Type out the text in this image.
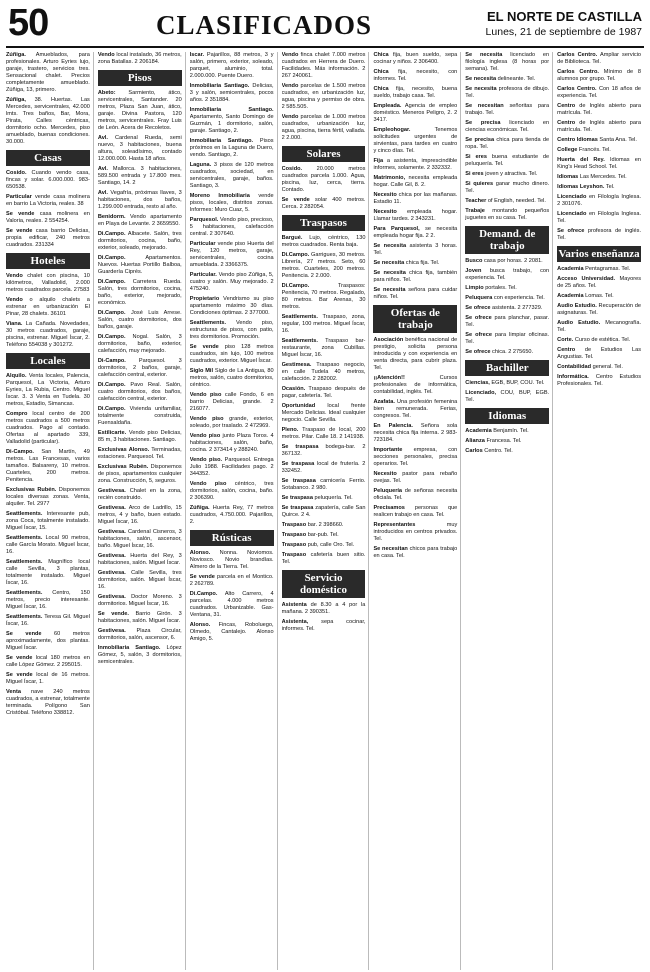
50	CLASIFICADOS	EL NORTE DE CASTILLA
Lunes, 21 de septiembre de 1987

Zúñiga. Amueblados, para profesionales. Arturo Eyries lujo, garaje, trastero, servicios tres. Sensacional chalet. Precios completamente amueblado. Zúñiga, 13, primero.

Zúñiga, 38. Huertas. Las Mercedes, servicentrales, 42.000 lmts. Tres baños, Bar, Mora, Pirata, Calles céntricas, dormitorio ocho. Mercedes, piso amueblado, buenas condiciones. 30.000.

Casas

Cosido. Cuando vendo casa, fincas y solar. 6.000.000. 983-650538.

Particular vende casa molinera en barrio La Victoria, reales. 38

Se vende casa molinera en Valoria, reales. 2 554254.

Se vende casa barrio Delicias, propia edificar, 240 metros cuadrados. 231334

Hoteles

Vendo chalet con piscina, 10 kilómetros, Valladolid, 2.000 metros cuadrados parcela. 27583

Vendo o alquilo chalets a estrenar en urbanización El Pinar, 28 chalets. 36101

Viana. La Cañada. Novedades, 30 metros cuadrados, garaje, piscina, estrenar. Miguel Íscar, 2. Teléfono 554038 y 301272.

Locales

Alquilo. Venta locales, Palencia, Parquesol, La Victoria, Arturo Eyries, La Rubia, Centro. Miguel Íscar. 3. 3 Venta en Tudela. 30 metros, Estadio, Simancas.

Compro local centro de 200 metros cuadrados a 500 metros cuadrados. Pago al contado. Ofertas al apartado 339, Valladolid (particular).

Di-Campo. San Martín, 49 metros. Las Francesas, varios tamaños. Balsareny, 10 metros. Cuarteles, 200 metros. Penitencia.

Exclusivas Rubén. Disponemos locales diversas zonas. Venta, alquiler. Tel. 2977

Seattlements. Interesante pub, zona Coca, totalmente instalado. Miguel Íscar, 15.

Seattlements. Local 90 metros, calle García Morato. Miguel Íscar, 16.

Seattlements. Magnífico local calle Sevilla, 3 plantas, totalmente instalado. Miguel Íscar, 16.

Seattlements. Centro, 150 metros, precio interesante. Miguel Íscar, 16.

Seattlements. Teresa Gil. Miguel Íscar, 16.

Se vende 60 metros aproximadamente, dos plantas. Miguel Íscar.

Se vende local 180 metros en calle López Gómez. 2 295015.

Se vende local de 16 metros. Miguel Íscar, 1.

Venta nave 240 metros cuadrados, a estrenar, totalmente terminada. Polígono San Cristóbal. Teléfono 338812.

Vendo local instalado, 36 metros, zona Batallas. 2 206184.

Pisos

Abeto: Sarmiento, ático, servicentrales, Santander. 20 metros, Plaza San Juan, ático, garaje. Divina Pastora, 120 metros, servicentrales. Fray Luis de León. Acera de Recoletos.

Avl. Cardenal Rueda, semi nuevo, 3 habitaciones, buena altura, soleadísimo, contado 12.000.000. Hasta 18 años.

Avl. Mallorca. 3 habitaciones, 589.500 entrada y 17.800 mes. Santiago, 14. 2

Avl. Vegafría, próximas llaves, 3 habitaciones, dos baños, 1.299.000 entrada, resto al año.

Benidorm. Vendo apartamento en Playa de Levante. 2 3659550.

Di.Campo. Albacete. Salón, tres dormitorios, cocina, baño, exterior, soleado, mejorado.

Di.Campo. Apartamentos. Nuevos. Huertas Portillo Balboa, Guardería Ciprés.

Di.Campo. Carretera Rueda. Salón, tres dormitorios, cocina, baño, exterior, mejorado, económico.

Di.Campo. José Luis Arrese. Salón, cuatro dormitorios, dos baños, garaje.

Di.Campo. Nogal. Salón, 3 dormitorios, baño, exterior, calefacción, muy mejorado.

Di-Campo. Parquesol. 3 dormitorios, 2 baños, garaje, calefacción central, exterior.

Di.Campo. Pavo Real. Salón, cuatro dormitorios, dos baños, calefacción central, exterior.

Di.Campo. Vivienda unifamiliar, totalmente construida, Fuensaldaña.

Estilicarte. Vendo piso Delicias, 85 m, 3 habitaciones. Santiago.

Exclusivas Alonso. Terminadas, estaciones. Parquesol. Tel.

Exclusivas Rubén. Disponemos de pisos, apartamentos cualquier zona. Construcción, 5, seguros.

Gestivesa. Chalet en la zona, recién construido.

Gestivesa. Arco de Ladrillo, 15 metros, 4 y baño, buen estado. Miguel Íscar, 16.

Gestivesa. Cardenal Cisneros, 3 habitaciones, salón, ascensor, baño. Miguel Íscar, 16.

Gestivesa. Huerta del Rey, 3 habitaciones, salón. Miguel Íscar.

Gestivesa. Calle Sevilla, tres dormitorios, salón. Miguel Íscar, 16.

Gestivesa. Doctor Moreno. 3 dormitorios. Miguel Íscar, 16.

Se vende. Barrio Girón. 3 habitaciones, salón. Miguel Íscar.

Gestivesa. Plaza Circular, dormitorios, salón, ascensor, 6.

Inmobiliaria Santiago. López Gómez, 5, salón, 3 dormitorios, semicentrales.

Iscar. Pajarillos, 88 metros, 3 y salón, primero, exterior, soleado, parquet, aluminio, total. 2.000.000. Puente Duero.

Inmobiliaria Santiago. Delicias, 3 y salón, semicentrales, pocos años. 2 351884.

Inmobiliaria Santiago. Apartamento, Santo Domingo de Guzmán, 1 dormitorio, salón, garaje. Santiago, 2.

Inmobiliaria Santiago. Pisos próximos en la Laguna de Duero, vendo. Santiago, 2.

Laguna. 3 pisos de 120 metros cuadrados, sociedad, en servicentrales, garaje, baños. Santiago, 3.

Moreno Inmobiliaria vende pisos, locales, distritos zonas. Informes: Muro Cuaz, 5.

Parquesol. Vendo piso, precioso, 5 habitaciones, calefacción central. 2 307640.

Particular vende piso Huerta del Rey, 120 metros, garaje, servicentrales, cocina amueblada. 2 3366375.

Particular. Vendo piso Zúñiga, 5, cuatro y salón. Muy mejorado. 2 475240.

Propietario Vendrismo su piso apartamento máximo 30 días. Condiciones óptimas. 2 377000.

Seattlements. Vendo piso, estructuras de pisos, con patio, tres dormitorios. Promoción.

Se vende piso 128 metros cuadrados, sin lujo, 100 metros cuadrados, exterior. Miguel Íscar.

Siglo Mil Siglo de La Antigua, 80 metros, salón, cuatro dormitorios, céntrico.

Vendo piso calle Fondo, 6 en barrio Delicias, grande. 2 216077.

Vendo piso grande, exterior, soleado, por traslado. 2 472969.

Vendo piso junto Plaza Toros. 4 habitaciones, salón, baño, cocina. 2 373414 y 288240.

Vendo piso. Parquesol. Entrega Julio 1988. Facilidades pago. 2 344352.

Vendo piso céntrico, tres dormitorios, salón, cocina, baño. 2 306390.

Zúñiga. Huerta Rey, 77 metros cuadrados, 4.750.000. Pajarillos, 2.

Rústicas

Alonso. Nonna. Noviomos. Noviosco. Novio brandías. Almero de la Tierra. Tel.

Se vende parcela en el Montico. 2 262789.

Di.Campo. Alto Carrero, 4 parcelas. 4.000 metros cuadrados. Urbanizable. Gas-Ventana, 31.

Alonso. Fincas, Roboluego, Olmedo, Cantalejo. Alonso Amigo, 5.

Vendo finca chalet 7.000 metros cuadrados en Herrera de Duero. Facilidades. Más información. 2 267 240061.

Vendo parcelas de 1.500 metros cuadrados, en urbanización luz, agua, piscina y permiso de obra. 2 585.505.

Vendo parcelas de 1.000 metros cuadrados, urbanización luz, agua, piscina, tierra fértil, vallada. 2 2.000.

Solares

Cosido. 20.000 metros cuadrados parcela 1.000. Agua, piscina, luz, cerca, tierra. Contado.

Se vende solar 400 metros. Cerca. 2 282054.

Traspasos

Bargué. Lujo, céntrico, 130 metros cuadrados. Renta baja.

Di.Campo. Garrigues, 30 metros. Librería, 27 metros. Seto, 60 metros. Cuarteles, 200 metros. Penitencia. 2 2.000.

Di.Campo. Traspasos: Penitencia, 70 metros. Regalado, 80 metros. Bar Arenas, 30 metros.

Seattlements. Traspaso, zona, regular, 100 metros. Miguel Íscar, 16.

Seattlements. Traspaso bar-restaurante, zona Cubillas. Miguel Íscar, 16.

Gestimesa. Traspaso negocio, en calle Tudela 40 metros, calefacción. 2 282002.

Ocasión. Traspaso después de pagar, cafetería. Tel.

Oportunidad local frente Mercado Delicias. Ideal cualquier negocio. Calle Sevilla.

Pleno. Traspaso de local, 200 metros. Pilar. Calle 18. 2 141938.

Se traspasa bodega-bar. 2 367132.

Se traspasa local de frutería. 2 332452.

Se traspasa carnicería Ferrio. Sotabanco. 2 980.

Se traspasa peluquería. Tel.

Se traspasa zapatería, calle San Quirce. 2 4.

Traspaso bar. 2 398660.

Traspaso bar-pub. Tel.

Traspaso pub, calle Oro. Tel.

Traspaso cafetería buen sitio. Tel.

Servicio doméstico

Asistenta de 8.30 a 4 por la mañana. 2 390351.

Asistenta, sepa cocinar, informes. Tel.

Chica fija, buen sueldo, sepa cocinar y niños. 2 306400.

Chica fija, necesito, con informes. Tel.

Chica fija, necesito, buena sueldo, trabajo casa. Tel.

Empleada. Agencia de empleo doméstico. Meneros Peligro, 2. 2 3417.

Empleohogar. Tenemos solicitudes urgentes de sirvientas, para tardes en cuatro y cinco días. Tel.

Fija a asistenta, imprescindible informes, solamente. 2 332332.

Matrimonio, necesita empleada hogar. Calle Gil, 8. 2.

Necesito chica por las mañanas. Estadio 11.

Necesito empleada hogar. Llamar tardes. 2 343231.

Para Parquesol, se necesita empleada hogar fija. 2 2.

Se necesita asistenta 3 horas. Tel.

Se necesita chica fija. Tel.

Se necesita chica fija, también para niños. Tel.

Se necesita señora para cuidar niños. Tel.

Ofertas de trabajo

Asociación benéfica nacional de prestigio, solicita persona introducida y con experiencia en venta directa, para cubrir plaza. Tel.

¡¡Atención!! Cursos profesionales de informática, contabilidad, inglés. Tel.

Azafata. Una profesión femenina bien remunerada. Ferias, congresos. Tel.

En Palencia. Señora sola necesita chica fija interna. 2 983-723184.

Importante empresa, con secciones personales, precisa operarios. Tel.

Necesito pastor para rebaño ovejas. Tel.

Peluquería de señoras necesita oficiala. Tel.

Precisamos personas que realicen trabajo en casa. Tel.

Representantes muy introducidos en centros privados. Tel.

Se necesitan chicos para trabajo en casa. Tel.

Se necesita licenciado en filología inglesa (8 horas por semana). Tel.

Se necesita delineante. Tel.

Se necesita profesora de dibujo. Tel.

Se necesitan señoritas para trabajo. Tel.

Se precisa licenciado en ciencias económicas. Tel.

Se precisa chica para tienda de ropa. Tel.

Si eres buena estudiante de peluquería. Tel.

Si eres joven y atractiva. Tel.

Si quieres ganar mucho dinero. Tel.

Teacher of English, needed. Tel.

Trabaje montando pequeños juguetes en su casa. Tel.

Demand. de trabajo

Busco casa por horas. 2 2081.

Joven busca trabajo, con experiencia. Tel.

Limpio portales. Tel.

Peluquera con experiencia. Tel.

Se ofrece asistenta. 2 277329.

Se ofrece para planchar, pasar. Tel.

Se ofrece para limpiar oficinas. Tel.

Se ofrece chica. 2 275650.

Bachiller

Ciencias, EGB, BUP, COU. Tel.

Licenciado, COU, BUP, EGB. Tel.

Idiomas

Academia Benjamín. Tel.

Alianza Francesa. Tel.

Carlos Centro. Tel.

Carlos Centro. Ampliar servicio de Biblioteca. Tel.

Carlos Centro. Mínimo de 8 alumnos por grupo. Tel.

Carlos Centro. Con 18 años de experiencia. Tel.

Centro de Inglés abierto para matrícula. Tel.

Centro de Inglés abierto para matrícula. Tel.

Centro Idiomas Santa Ana. Tel.

College Francés. Tel.

Huerta del Rey. Idiomas en King's Head School. Tel.

Idiomas Las Mercedes. Tel.

Idiomas Leyshon. Tel.

Licenciado en Filología Inglesa. 2 301076.

Licenciado en Filología Inglesa. Tel.

Se ofrece profesora de inglés. Tel.

Varios enseñanza

Academia Pentagramas. Tel.

Acceso Universidad. Mayores de 25 años. Tel.

Academia Lomas. Tel.

Audio Estudio. Recuperación de asignaturas. Tel.

Audio Estudio. Mecanografía. Tel.

Corte. Curso de estética. Tel.

Centro de Estudios Las Angustias. Tel.

Contabilidad general. Tel.

Informática. Centro Estudios Profesionales. Tel.
